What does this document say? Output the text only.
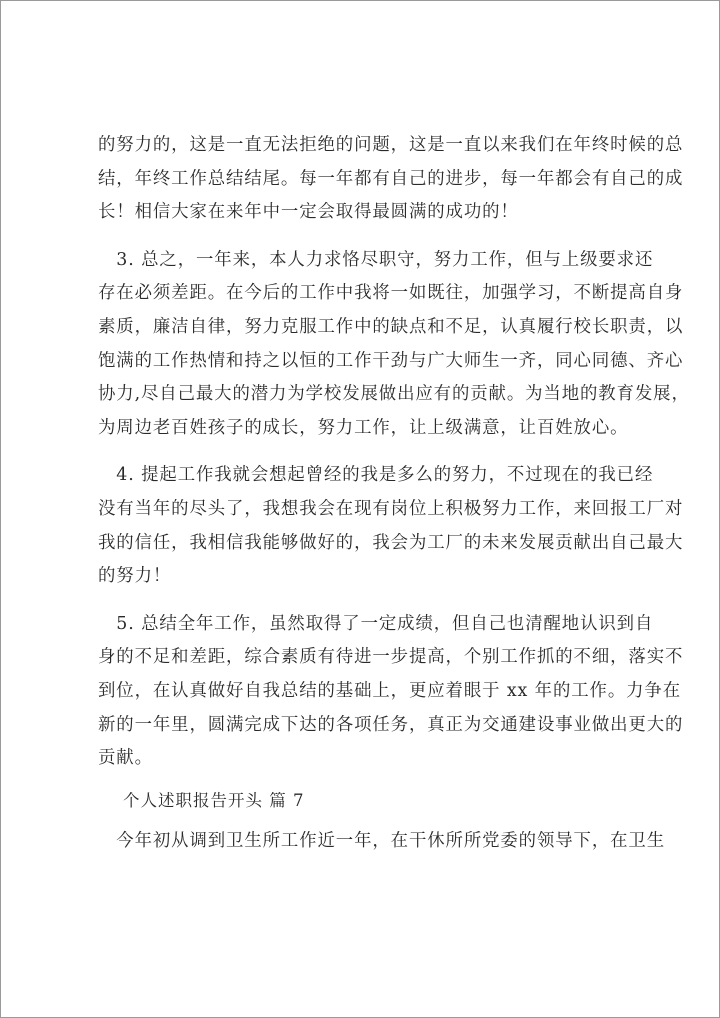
的努力的，这是一直无法拒绝的问题，这是一直以来我们在年终时候的总
结，年终工作总结结尾。每一年都有自己的进步，每一年都会有自己的成
长！相信大家在来年中一定会取得最圆满的成功的！

　3. 总之，一年来，本人力求恪尽职守，努力工作，但与上级要求还
存在必须差距。在今后的工作中我将一如既往，加强学习，不断提高自身
素质，廉洁自律，努力克服工作中的缺点和不足，认真履行校长职责，以
饱满的工作热情和持之以恒的工作干劲与广大师生一齐，同心同德、齐心
协力,尽自己最大的潜力为学校发展做出应有的贡献。为当地的教育发展，
为周边老百姓孩子的成长，努力工作，让上级满意，让百姓放心。

　4. 提起工作我就会想起曾经的我是多么的努力，不过现在的我已经
没有当年的尽头了，我想我会在现有岗位上积极努力工作，来回报工厂对
我的信任，我相信我能够做好的，我会为工厂的未来发展贡献出自己最大
的努力！

　5. 总结全年工作，虽然取得了一定成绩，但自己也清醒地认识到自
身的不足和差距，综合素质有待进一步提高，个别工作抓的不细，落实不
到位，在认真做好自我总结的基础上，更应着眼于 xx 年的工作。力争在
新的一年里，圆满完成下达的各项任务，真正为交通建设事业做出更大的
贡献。

个人述职报告开头 篇 7

　今年初从调到卫生所工作近一年，在干休所所党委的领导下，在卫生
